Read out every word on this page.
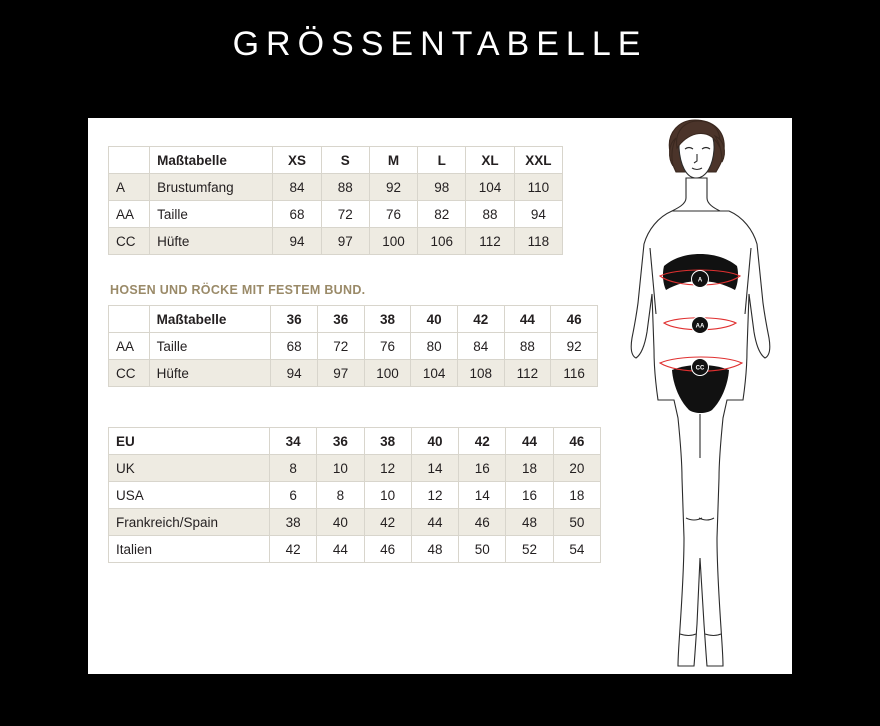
GRÖSSENTABELLE
	Maßtabelle	XS	S	M	L	XL	XXL
A	Brustumfang	84	88	92	98	104	110
AA	Taille	68	72	76	82	88	94
CC	Hüfte	94	97	100	106	112	118

HOSEN UND RÖCKE MIT FESTEM BUND.

	Maßtabelle	36	36	38	40	42	44	46
AA	Taille	68	72	76	80	84	88	92
CC	Hüfte	94	97	100	104	108	112	116
EU	34	36	38	40	42	44	46
UK	8	10	12	14	16	18	20
USA	6	8	10	12	14	16	18
Frankreich/Spain	38	40	42	44	46	48	50
Italien	42	44	46	48	50	52	54
A
AA
CC
